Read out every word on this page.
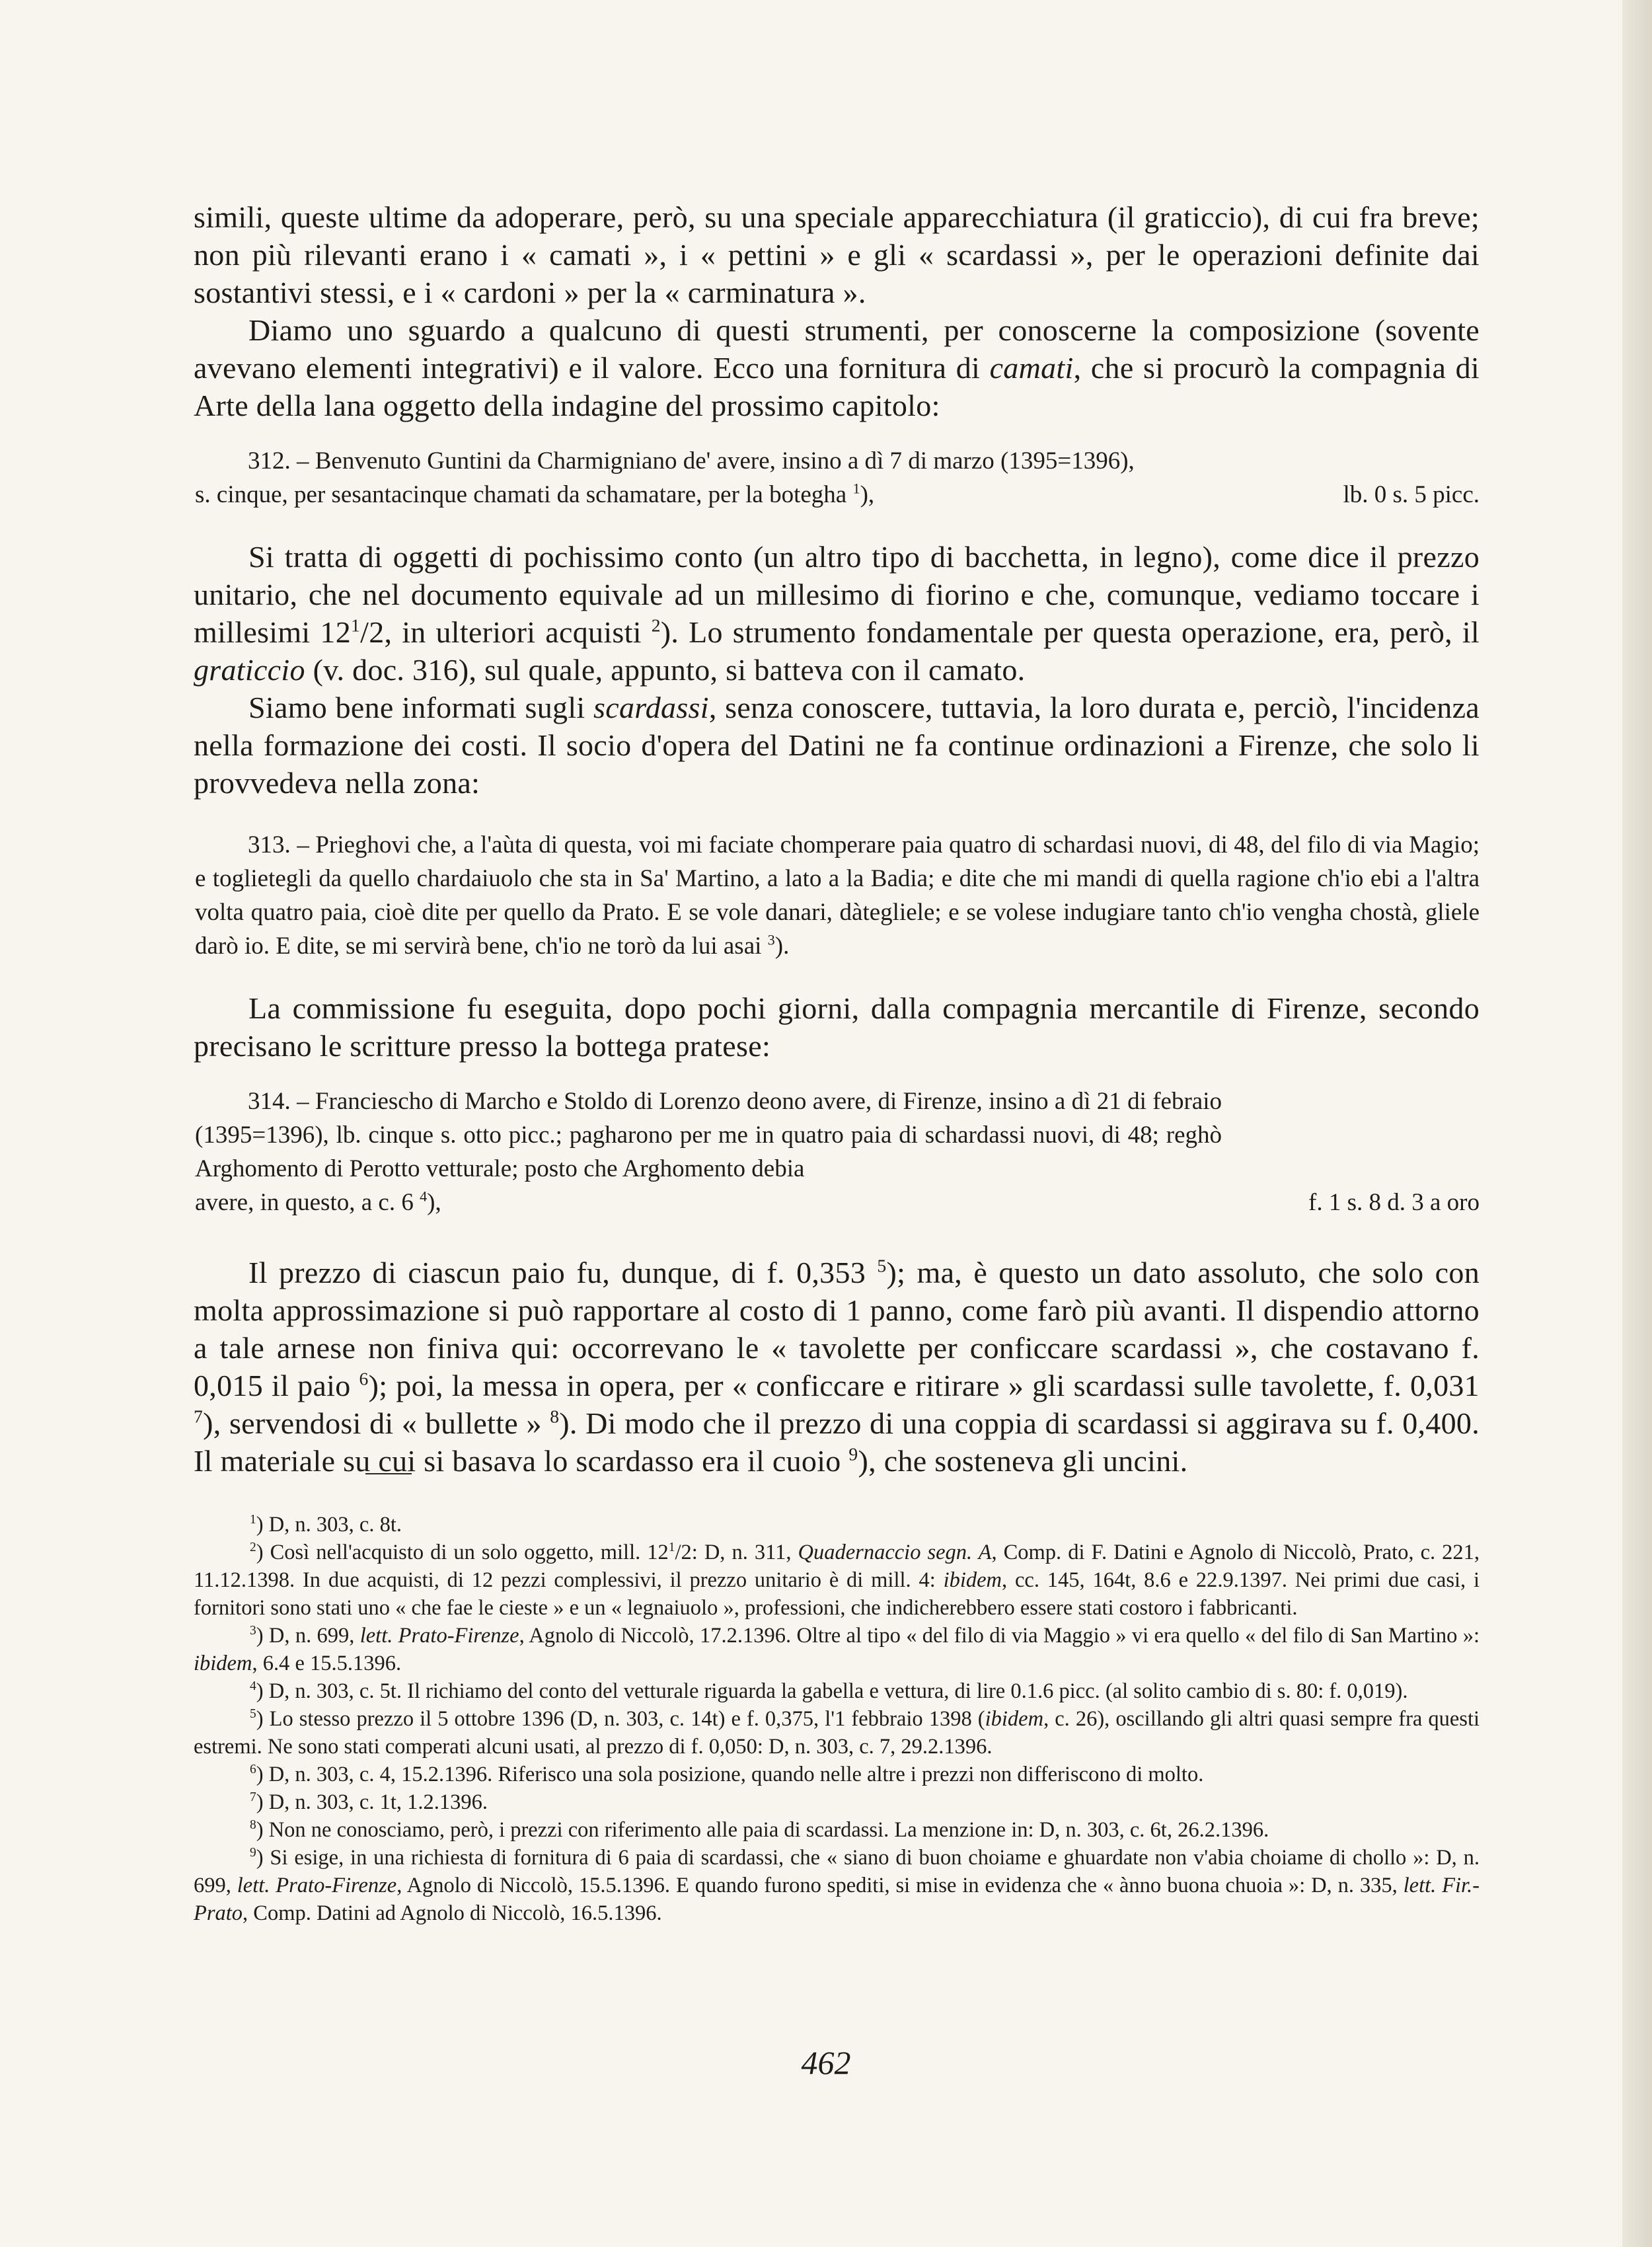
simili, queste ultime da adoperare, però, su una speciale apparecchiatura (il graticcio), di cui fra breve; non più rilevanti erano i « camati », i « pettini » e gli « scardassi », per le operazioni definite dai sostantivi stessi, e i « cardoni » per la « carminatura ».

Diamo uno sguardo a qualcuno di questi strumenti, per conoscerne la composizione (sovente avevano elementi integrativi) e il valore. Ecco una fornitura di camati, che si procurò la compagnia di Arte della lana oggetto della indagine del prossimo capitolo:

312. – Benvenuto Guntini da Charmigniano de' avere, insino a dì 7 di marzo (1395=1396),

s. cinque, per sesantacinque chamati da schamatare, per la botegha $^1$),	lb. 0 s. 5 picc.

Si tratta di oggetti di pochissimo conto (un altro tipo di bacchetta, in legno), come dice il prezzo unitario, che nel documento equivale ad un millesimo di fiorino e che, comunque, vediamo toccare i millesimi $12^1/2$, in ulteriori acquisti $^2$). Lo strumento fondamentale per questa operazione, era, però, il graticcio (v. doc. 316), sul quale, appunto, si batteva con il camato.

Siamo bene informati sugli scardassi, senza conoscere, tuttavia, la loro durata e, perciò, l'incidenza nella formazione dei costi. Il socio d'opera del Datini ne fa continue ordinazioni a Firenze, che solo li provvedeva nella zona:

313. – Prieghovi che, a l'aùta di questa, voi mi faciate chomperare paia quatro di schardasi nuovi, di 48, del filo di via Magio; e toglietegli da quello chardaiuolo che sta in Sa' Martino, a lato a la Badia; e dite che mi mandi di quella ragione ch'io ebi a l'altra volta quatro paia, cioè dite per quello da Prato. E se vole danari, dàtegliele; e se volese indugiare tanto ch'io vengha chostà, gliele darò io. E dite, se mi servirà bene, ch'io ne torò da lui asai $^3$).

La commissione fu eseguita, dopo pochi giorni, dalla compagnia mercantile di Firenze, secondo precisano le scritture presso la bottega pratese:

314. – Franciescho di Marcho e Stoldo di Lorenzo deono avere, di Firenze, insino a dì 21 di febraio (1395=1396), lb. cinque s. otto picc.; pagharono per me in quatro paia di schardassi nuovi, di 48; reghò Arghomento di Perotto vetturale; posto che Arghomento debia

avere, in questo, a c. 6 $^4$),	f. 1 s. 8 d. 3 a oro

Il prezzo di ciascun paio fu, dunque, di f. 0,353 $^5$); ma, è questo un dato assoluto, che solo con molta approssimazione si può rapportare al costo di 1 panno, come farò più avanti. Il dispendio attorno a tale arnese non finiva qui: occorrevano le « tavolette per conficcare scardassi », che costavano f. 0,015 il paio $^6$); poi, la messa in opera, per « conficcare e ritirare » gli scardassi sulle tavolette, f. 0,031 $^7$), servendosi di « bullette » $^8$). Di modo che il prezzo di una coppia di scardassi si aggirava su f. 0,400. Il materiale su cui si basava lo scardasso era il cuoio $^9$), che sosteneva gli uncini.

$^1$) D, n. 303, c. 8t.

$^2$) Così nell'acquisto di un solo oggetto, mill. $12^1/2$: D, n. 311, Quadernaccio segn. A, Comp. di F. Datini e Agnolo di Niccolò, Prato, c. 221, 11.12.1398. In due acquisti, di 12 pezzi complessivi, il prezzo unitario è di mill. 4: ibidem, cc. 145, 164t, 8.6 e 22.9.1397. Nei primi due casi, i fornitori sono stati uno « che fae le cieste » e un « legnaiuolo », professioni, che indicherebbero essere stati costoro i fabbricanti.

$^3$) D, n. 699, lett. Prato-Firenze, Agnolo di Niccolò, 17.2.1396. Oltre al tipo « del filo di via Maggio » vi era quello « del filo di San Martino »: ibidem, 6.4 e 15.5.1396.

$^4$) D, n. 303, c. 5t. Il richiamo del conto del vetturale riguarda la gabella e vettura, di lire 0.1.6 picc. (al solito cambio di s. 80: f. 0,019).

$^5$) Lo stesso prezzo il 5 ottobre 1396 (D, n. 303, c. 14t) e f. 0,375, l'1 febbraio 1398 (ibidem, c. 26), oscillando gli altri quasi sempre fra questi estremi. Ne sono stati comperati alcuni usati, al prezzo di f. 0,050: D, n. 303, c. 7, 29.2.1396.

$^6$) D, n. 303, c. 4, 15.2.1396. Riferisco una sola posizione, quando nelle altre i prezzi non differiscono di molto.

$^7$) D, n. 303, c. 1t, 1.2.1396.

$^8$) Non ne conosciamo, però, i prezzi con riferimento alle paia di scardassi. La menzione in: D, n. 303, c. 6t, 26.2.1396.

$^9$) Si esige, in una richiesta di fornitura di 6 paia di scardassi, che « siano di buon choiame e ghuardate non v'abia choiame di chollo »: D, n. 699, lett. Prato-Firenze, Agnolo di Niccolò, 15.5.1396. E quando furono spediti, si mise in evidenza che « ànno buona chuoia »: D, n. 335, lett. Fir.-Prato, Comp. Datini ad Agnolo di Niccolò, 16.5.1396.

462
